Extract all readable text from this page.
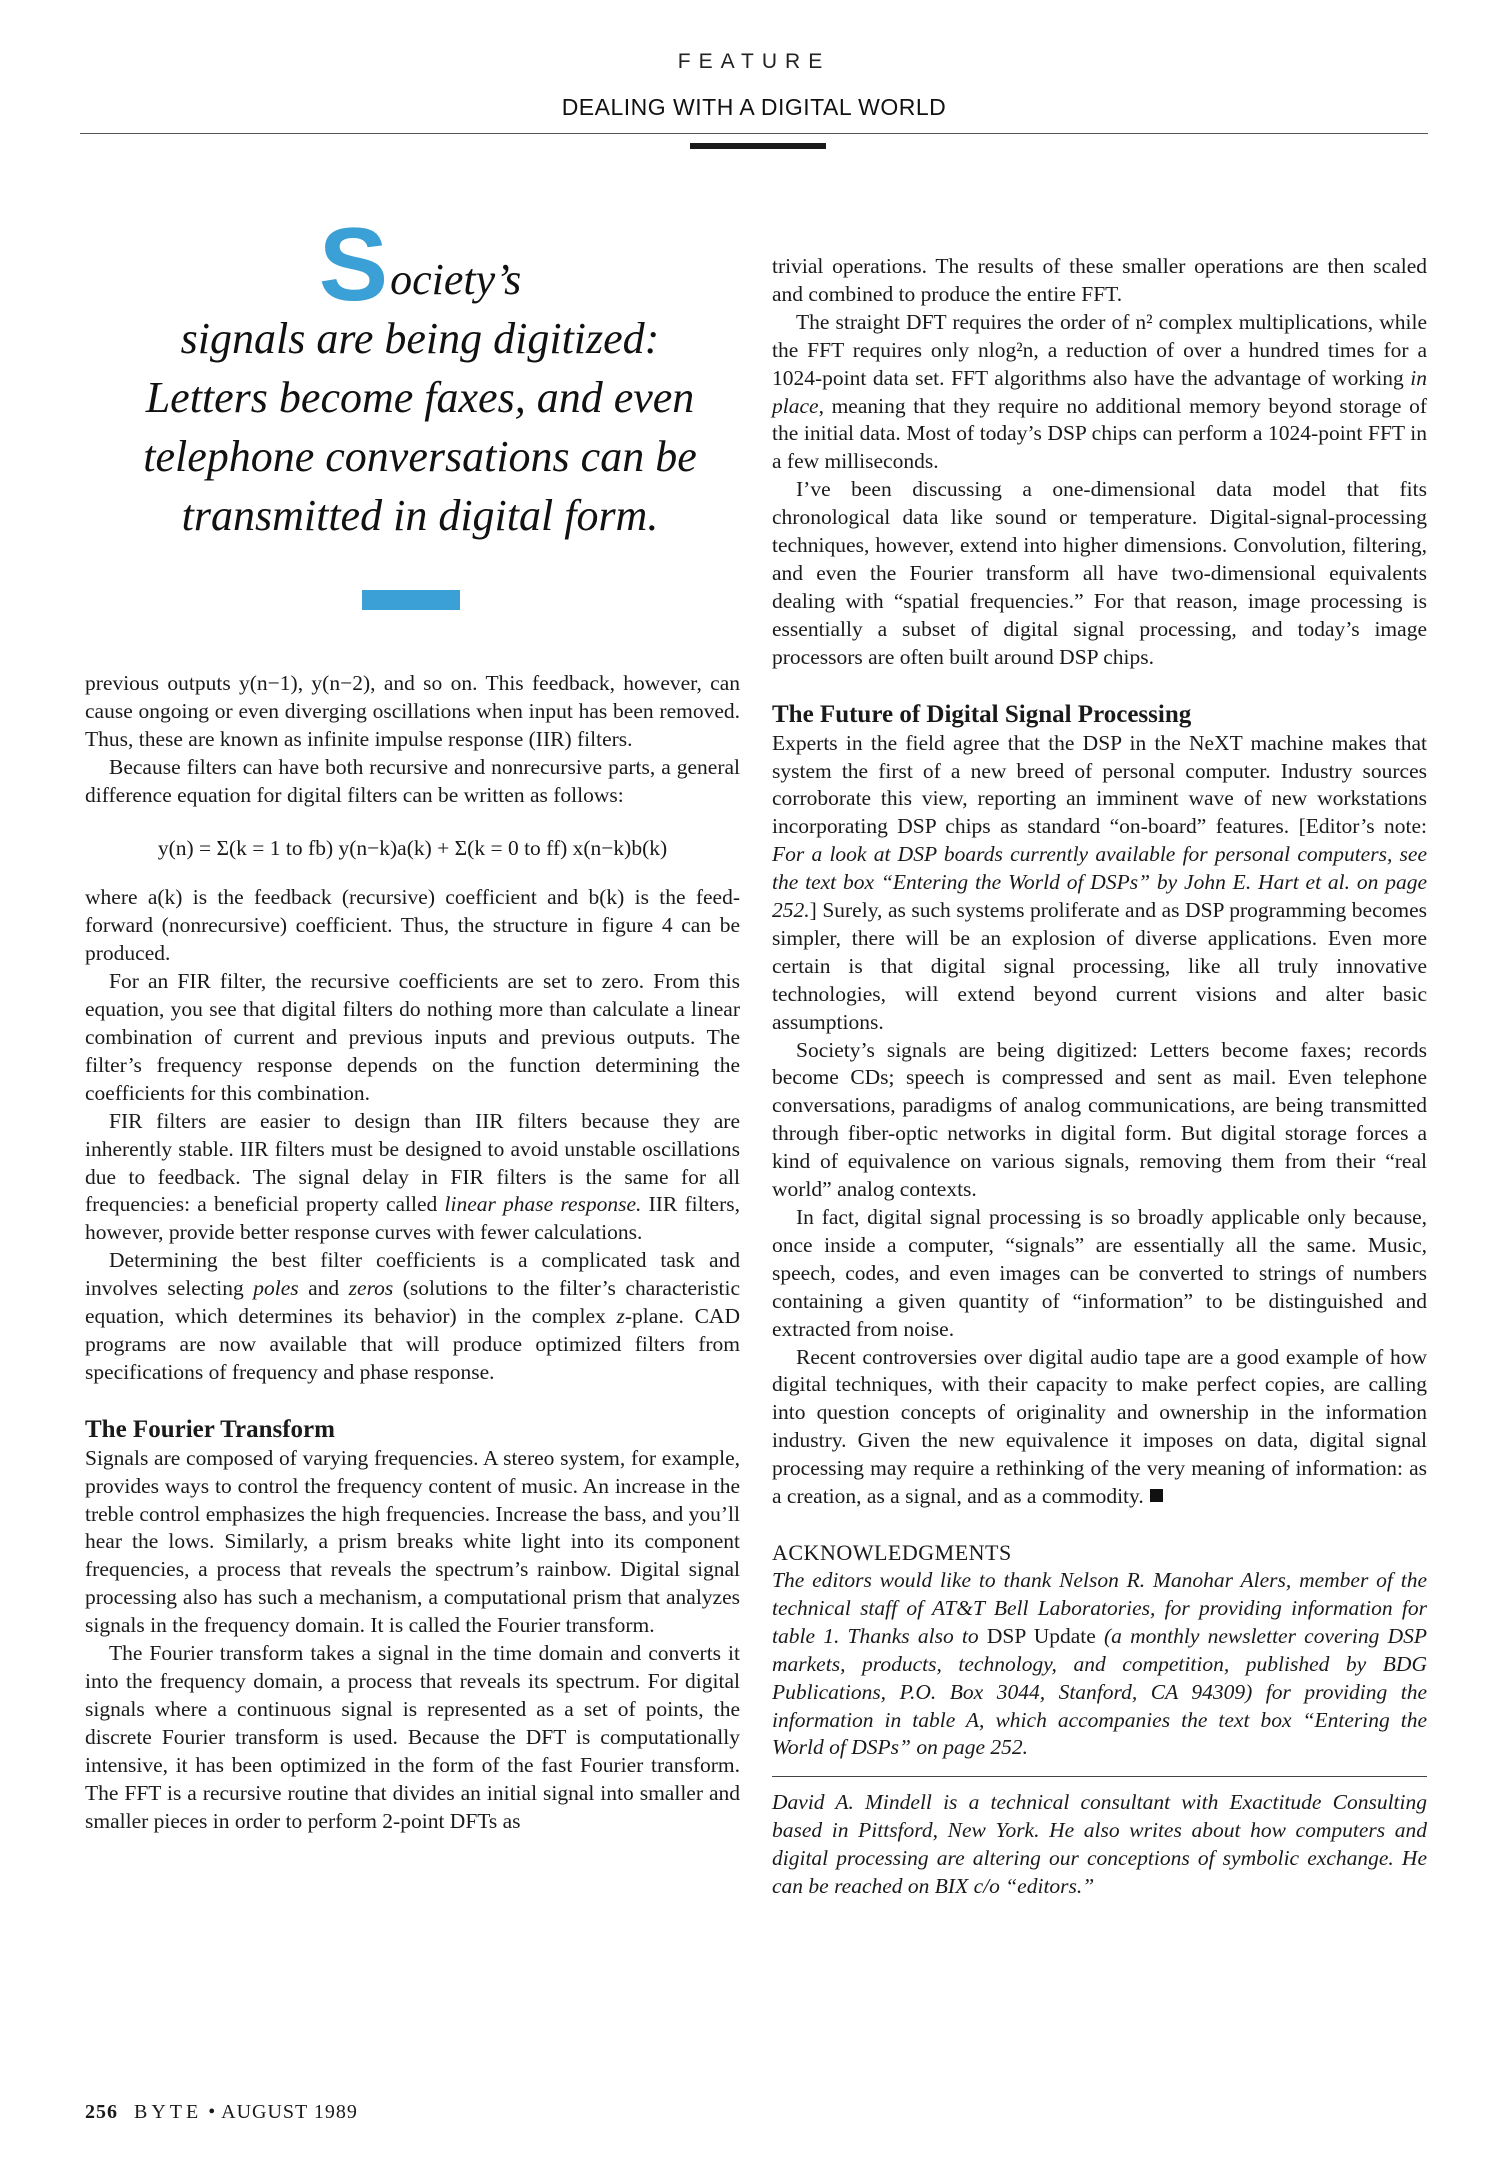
FEATURE
DEALING WITH A DIGITAL WORLD
Society’s
signals are being digitized:
Letters become faxes, and even
telephone conversations can be
transmitted in digital form.

previous outputs y(n−1), y(n−2), and so on. This feedback, however, can cause ongoing or even diverging oscillations when input has been removed. Thus, these are known as infinite impulse response (IIR) filters.

Because filters can have both recursive and nonrecursive parts, a general difference equation for digital filters can be written as follows:

y(n) = Σ(k = 1 to fb) y(n−k)a(k) + Σ(k = 0 to ff) x(n−k)b(k)

where a(k) is the feedback (recursive) coefficient and b(k) is the feed-forward (nonrecursive) coefficient. Thus, the structure in figure 4 can be produced.

For an FIR filter, the recursive coefficients are set to zero. From this equation, you see that digital filters do nothing more than calculate a linear combination of current and previous inputs and previous outputs. The filter’s frequency response depends on the function determining the coefficients for this combination.

FIR filters are easier to design than IIR filters because they are inherently stable. IIR filters must be designed to avoid unstable oscillations due to feedback. The signal delay in FIR filters is the same for all frequencies: a beneficial property called linear phase response. IIR filters, however, provide better response curves with fewer calculations.

Determining the best filter coefficients is a complicated task and involves selecting poles and zeros (solutions to the filter’s characteristic equation, which determines its behavior) in the complex z-plane. CAD programs are now available that will produce optimized filters from specifications of frequency and phase response.

The Fourier Transform

Signals are composed of varying frequencies. A stereo system, for example, provides ways to control the frequency content of music. An increase in the treble control emphasizes the high frequencies. Increase the bass, and you’ll hear the lows. Similarly, a prism breaks white light into its component frequencies, a process that reveals the spectrum’s rainbow. Digital signal processing also has such a mechanism, a computational prism that analyzes signals in the frequency domain. It is called the Fourier transform.

The Fourier transform takes a signal in the time domain and converts it into the frequency domain, a process that reveals its spectrum. For digital signals where a continuous signal is represented as a set of points, the discrete Fourier transform is used. Because the DFT is computationally intensive, it has been optimized in the form of the fast Fourier transform. The FFT is a recursive routine that divides an initial signal into smaller and smaller pieces in order to perform 2-point DFTs as

trivial operations. The results of these smaller operations are then scaled and combined to produce the entire FFT.

The straight DFT requires the order of n² complex multiplications, while the FFT requires only nlog²n, a reduction of over a hundred times for a 1024-point data set. FFT algorithms also have the advantage of working in place, meaning that they require no additional memory beyond storage of the initial data. Most of today’s DSP chips can perform a 1024-point FFT in a few milliseconds.

I’ve been discussing a one-dimensional data model that fits chronological data like sound or temperature. Digital-signal-processing techniques, however, extend into higher dimensions. Convolution, filtering, and even the Fourier transform all have two-dimensional equivalents dealing with “spatial frequencies.” For that reason, image processing is essentially a subset of digital signal processing, and today’s image processors are often built around DSP chips.

The Future of Digital Signal Processing

Experts in the field agree that the DSP in the NeXT machine makes that system the first of a new breed of personal computer. Industry sources corroborate this view, reporting an imminent wave of new workstations incorporating DSP chips as standard “on-board” features. [Editor’s note: For a look at DSP boards currently available for personal computers, see the text box “Entering the World of DSPs” by John E. Hart et al. on page 252.] Surely, as such systems proliferate and as DSP programming becomes simpler, there will be an explosion of diverse applications. Even more certain is that digital signal processing, like all truly innovative technologies, will extend beyond current visions and alter basic assumptions.

Society’s signals are being digitized: Letters become faxes; records become CDs; speech is compressed and sent as mail. Even telephone conversations, paradigms of analog communications, are being transmitted through fiber-optic networks in digital form. But digital storage forces a kind of equivalence on various signals, removing them from their “real world” analog contexts.

In fact, digital signal processing is so broadly applicable only because, once inside a computer, “signals” are essentially all the same. Music, speech, codes, and even images can be converted to strings of numbers containing a given quantity of “information” to be distinguished and extracted from noise.

Recent controversies over digital audio tape are a good example of how digital techniques, with their capacity to make perfect copies, are calling into question concepts of originality and ownership in the information industry. Given the new equivalence it imposes on data, digital signal processing may require a rethinking of the very meaning of information: as a creation, as a signal, and as a commodity.

ACKNOWLEDGMENTS

The editors would like to thank Nelson R. Manohar Alers, member of the technical staff of AT&T Bell Laboratories, for providing information for table 1. Thanks also to DSP Update (a monthly newsletter covering DSP markets, products, technology, and competition, published by BDG Publications, P.O. Box 3044, Stanford, CA 94309) for providing the information in table A, which accompanies the text box “Entering the World of DSPs” on page 252.

David A. Mindell is a technical consultant with Exactitude Consulting based in Pittsford, New York. He also writes about how computers and digital processing are altering our conceptions of symbolic exchange. He can be reached on BIX c/o “editors.”

256 BYTE • AUGUST 1989
